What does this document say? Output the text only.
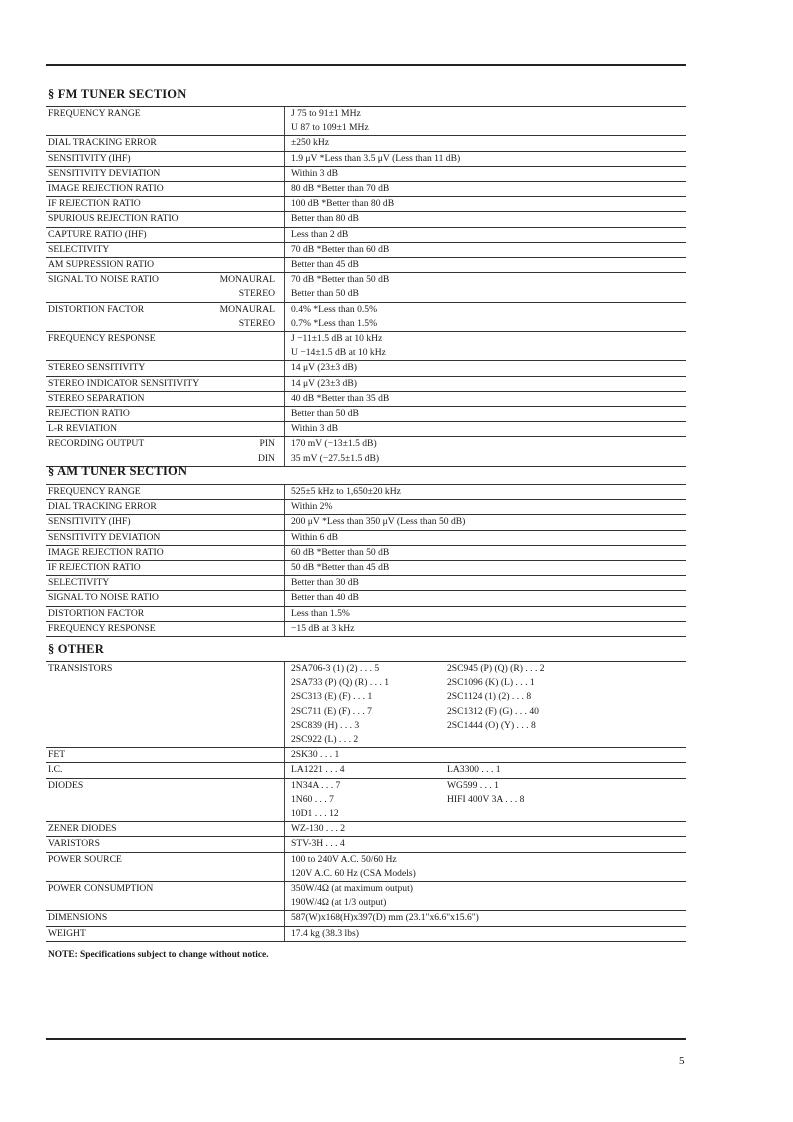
§ FM TUNER SECTION
FREQUENCY RANGE	J 75 to 91±1 MHz

	U 87 to 109±1 MHz
DIAL TRACKING ERROR	±250 kHz
SENSITIVITY (IHF)	1.9 μV *Less than 3.5 μV (Less than 11 dB)
SENSITIVITY DEVIATION	Within 3 dB
IMAGE REJECTION RATIO	80 dB *Better than 70 dB
IF REJECTION RATIO	100 dB *Better than 80 dB
SPURIOUS REJECTION RATIO	Better than 80 dB
CAPTURE RATIO (IHF)	Less than 2 dB
SELECTIVITY	70 dB *Better than 60 dB
AM SUPRESSION RATIO	Better than 45 dB
SIGNAL TO NOISE RATIO MONAURAL	70 dB *Better than 50 dB

STEREO	Better than 50 dB
DISTORTION FACTOR MONAURAL	0.4% *Less than 0.5%

STEREO	0.7% *Less than 1.5%
FREQUENCY RESPONSE	J −11±1.5 dB at 10 kHz

	U −14±1.5 dB at 10 kHz
STEREO SENSITIVITY	14 μV (23±3 dB)
STEREO INDICATOR SENSITIVITY	14 μV (23±3 dB)
STEREO SEPARATION	40 dB *Better than 35 dB
REJECTION RATIO	Better than 50 dB
L-R REVIATION	Within 3 dB
RECORDING OUTPUT PIN	170 mV (−13±1.5 dB)

DIN	35 mV (−27.5±1.5 dB)
§ AM TUNER SECTION
FREQUENCY RANGE	525±5 kHz to 1,650±20 kHz
DIAL TRACKING ERROR	Within 2%
SENSITIVITY (IHF)	200 μV *Less than 350 μV (Less than 50 dB)
SENSITIVITY DEVIATION	Within 6 dB
IMAGE REJECTION RATIO	60 dB *Better than 50 dB
IF REJECTION RATIO	50 dB *Better than 45 dB
SELECTIVITY	Better than 30 dB
SIGNAL TO NOISE RATIO	Better than 40 dB
DISTORTION FACTOR	Less than 1.5%
FREQUENCY RESPONSE	−15 dB at 3 kHz
§ OTHER
TRANSISTORS	2SA706-3 (1) (2) . . . 5 2SC945 (P) (Q) (R) . . . 2
	2SA733 (P) (Q) (R) . . . 1 2SC1096 (K) (L) . . . 1
	2SC313 (E) (F) . . . 1 2SC1124 (1) (2) . . . 8
	2SC711 (E) (F) . . . 7 2SC1312 (F) (G) . . . 40
	2SC839 (H) . . . 3 2SC1444 (O) (Y) . . . 8
	2SC922 (L) . . . 2
FET	2SK30 . . . 1
I.C.	LA1221 . . . 4 LA3300 . . . 1
DIODES	1N34A . . . 7 WG599 . . . 1
	1N60 . . . 7 HIFI 400V 3A . . . 8
	10D1 . . . 12
ZENER DIODES	WZ-130 . . . 2
VARISTORS	STV-3H . . . 4
POWER SOURCE	100 to 240V A.C. 50/60 Hz
	120V A.C. 60 Hz (CSA Models)
POWER CONSUMPTION	350W/4Ω (at maximum output)
	190W/4Ω (at 1/3 output)
DIMENSIONS	587(W)x168(H)x397(D) mm (23.1"x6.6"x15.6")
WEIGHT	17.4 kg (38.3 lbs)
NOTE: Specifications subject to change without notice.
5
